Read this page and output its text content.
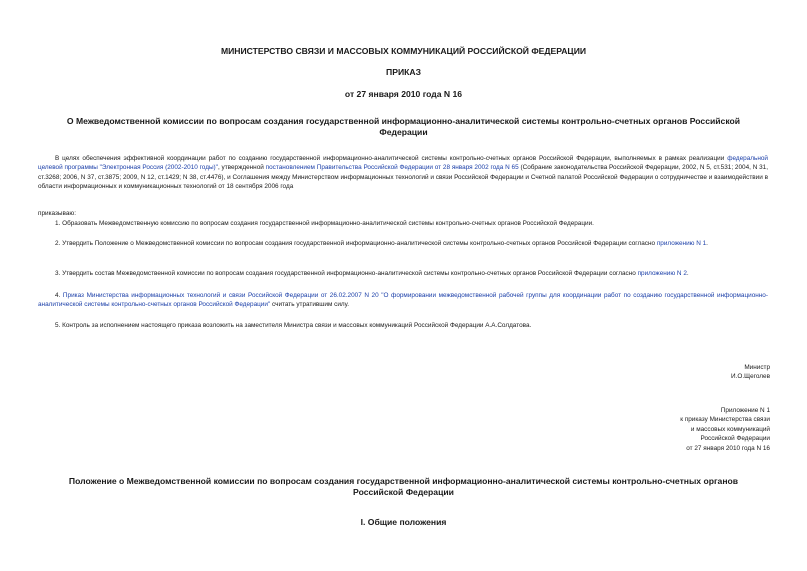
МИНИСТЕРСТВО СВЯЗИ И МАССОВЫХ КОММУНИКАЦИЙ РОССИЙСКОЙ ФЕДЕРАЦИИ
ПРИКАЗ
от 27 января 2010 года N 16
О Межведомственной комиссии по вопросам создания государственной информационно-аналитической системы контрольно-счетных органов Российской
Федерации
В целях обеспечения эффективной координации работ по созданию государственной информационно-аналитической системы контрольно-счетных органов Российской Федерации, выполняемых в рамках реализации федеральной целевой программы "Электронная Россия (2002-2010 годы)", утвержденной постановлением Правительства Российской Федерации от 28 января 2002 года N 65 (Собрание законодательства Российской Федерации, 2002, N 5, ст.531; 2004, N 31, ст.3268; 2006, N 37, ст.3875; 2009, N 12, ст.1429; N 38, ст.4476), и Соглашения между Министерством информационных технологий и связи Российской Федерации и Счетной палатой Российской Федерации о сотрудничестве и взаимодействии в области информационных и коммуникационных технологий от 18 сентября 2006 года
приказываю:
1. Образовать Межведомственную комиссию по вопросам создания государственной информационно-аналитической системы контрольно-счетных органов Российской Федерации.
2. Утвердить Положение о Межведомственной комиссии по вопросам создания государственной информационно-аналитической системы контрольно-счетных органов Российской Федерации согласно приложению N 1.
3. Утвердить состав Межведомственной комиссии по вопросам создания государственной информационно-аналитической системы контрольно-счетных органов Российской Федерации согласно приложению N 2.
4. Приказ Министерства информационных технологий и связи Российской Федерации от 26.02.2007 N 20 "О формировании межведомственной рабочей группы для координации работ по созданию государственной информационно-аналитической системы контрольно-счетных органов Российской Федерации" считать утратившим силу.
5. Контроль за исполнением настоящего приказа возложить на заместителя Министра связи и массовых коммуникаций Российской Федерации А.А.Солдатова.
Министр
И.О.Щеголев
Приложение N 1
к приказу Министерства связи
и массовых коммуникаций
Российской Федерации
от 27 января 2010 года N 16
Положение о Межведомственной комиссии по вопросам создания государственной информационно-аналитической системы контрольно-счетных органов
Российской Федерации
I. Общие положения
